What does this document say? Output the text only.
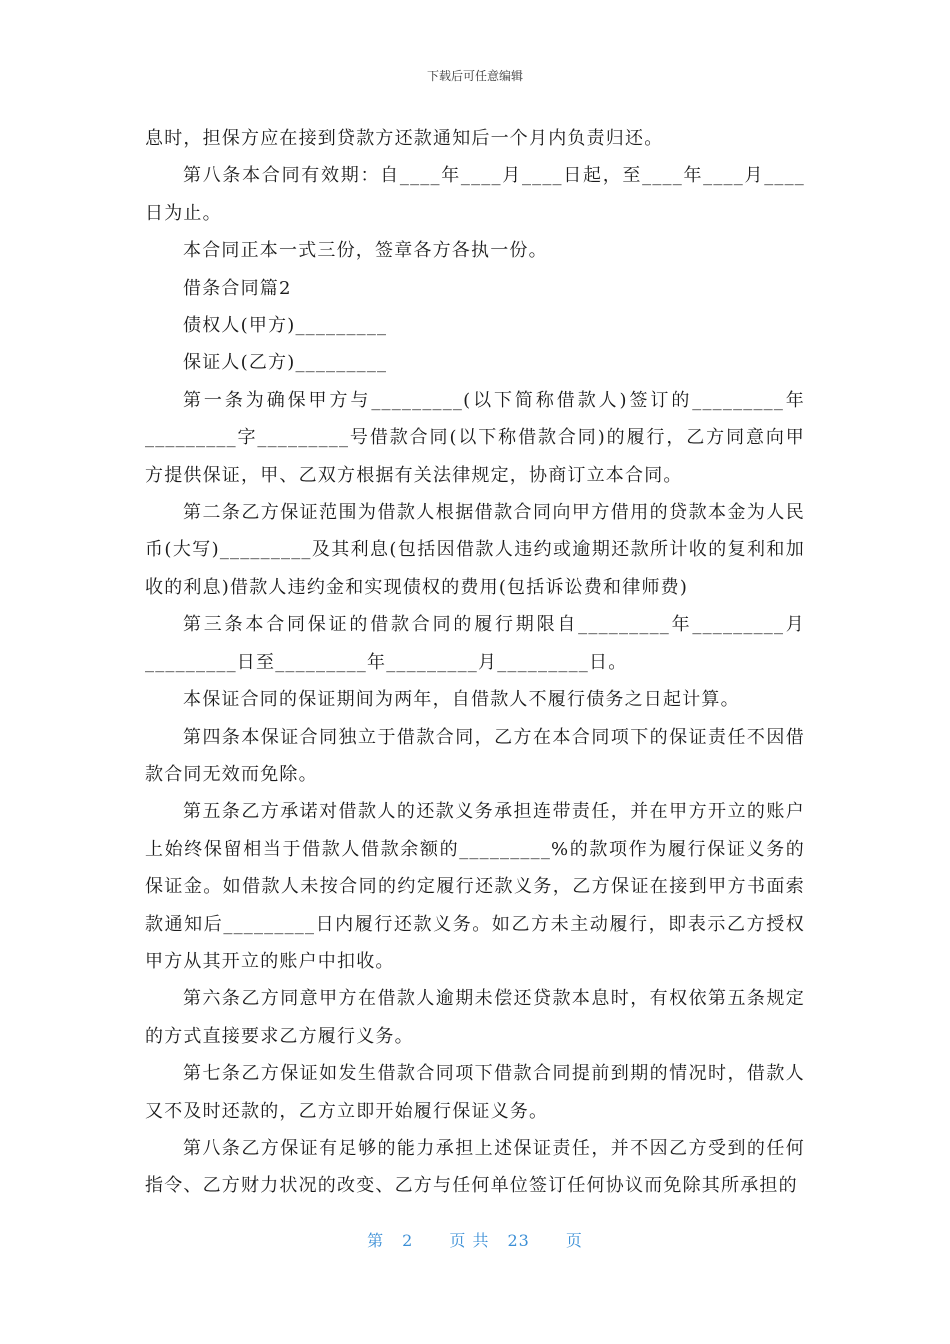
下载后可任意编辑

息时，担保方应在接到贷款方还款通知后一个月内负责归还。

第八条本合同有效期：自____年____月____日起，至____年____月____日为止。

本合同正本一式三份，签章各方各执一份。

借条合同篇2

债权人(甲方)_________

保证人(乙方)_________

第一条为确保甲方与_________(以下简称借款人)签订的_________年_________字_________号借款合同(以下称借款合同)的履行，乙方同意向甲方提供保证，甲、乙双方根据有关法律规定，协商订立本合同。

第二条乙方保证范围为借款人根据借款合同向甲方借用的贷款本金为人民币(大写)_________及其利息(包括因借款人违约或逾期还款所计收的复利和加收的利息)借款人违约金和实现债权的费用(包括诉讼费和律师费)

第三条本合同保证的借款合同的履行期限自_________年_________月_________日至_________年_________月_________日。

本保证合同的保证期间为两年，自借款人不履行债务之日起计算。

第四条本保证合同独立于借款合同，乙方在本合同项下的保证责任不因借款合同无效而免除。

第五条乙方承诺对借款人的还款义务承担连带责任，并在甲方开立的账户上始终保留相当于借款人借款余额的_________%的款项作为履行保证义务的保证金。如借款人未按合同的约定履行还款义务，乙方保证在接到甲方书面索款通知后_________日内履行还款义务。如乙方未主动履行，即表示乙方授权甲方从其开立的账户中扣收。

第六条乙方同意甲方在借款人逾期未偿还贷款本息时，有权依第五条规定的方式直接要求乙方履行义务。

第七条乙方保证如发生借款合同项下借款合同提前到期的情况时，借款人又不及时还款的，乙方立即开始履行保证义务。

第八条乙方保证有足够的能力承担上述保证责任，并不因乙方受到的任何指令、乙方财力状况的改变、乙方与任何单位签订任何协议而免除其所承担的

第 2 页 共 23 页
